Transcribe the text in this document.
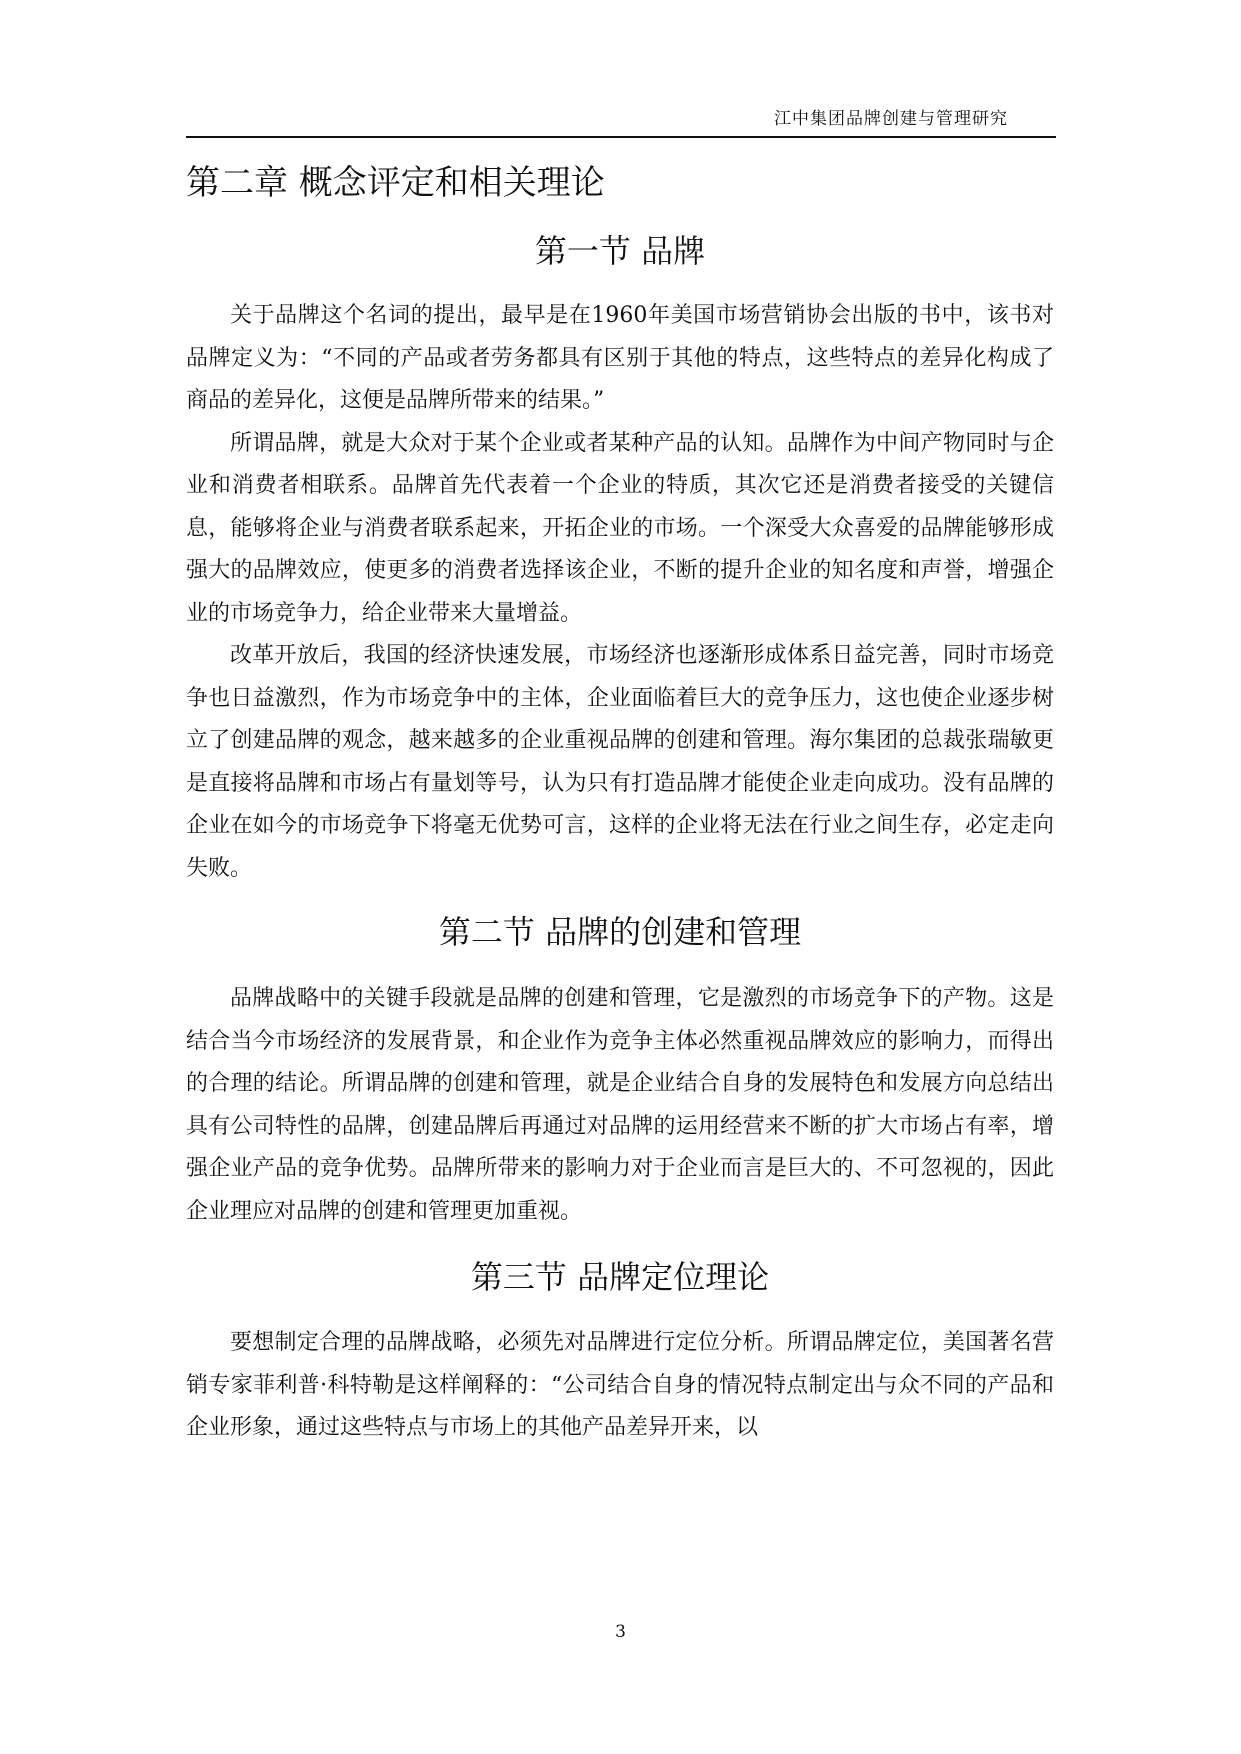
江中集团品牌创建与管理研究
第二章 概念评定和相关理论
第一节 品牌

关于品牌这个名词的提出，最早是在1960年美国市场营销协会出版的书中，该书对品牌定义为：“不同的产品或者劳务都具有区别于其他的特点，这些特点的差异化构成了商品的差异化，这便是品牌所带来的结果。”

所谓品牌，就是大众对于某个企业或者某种产品的认知。品牌作为中间产物同时与企业和消费者相联系。品牌首先代表着一个企业的特质，其次它还是消费者接受的关键信息，能够将企业与消费者联系起来，开拓企业的市场。一个深受大众喜爱的品牌能够形成强大的品牌效应，使更多的消费者选择该企业，不断的提升企业的知名度和声誉，增强企业的市场竞争力，给企业带来大量增益。

改革开放后，我国的经济快速发展，市场经济也逐渐形成体系日益完善，同时市场竞争也日益激烈，作为市场竞争中的主体，企业面临着巨大的竞争压力，这也使企业逐步树立了创建品牌的观念，越来越多的企业重视品牌的创建和管理。海尔集团的总裁张瑞敏更是直接将品牌和市场占有量划等号，认为只有打造品牌才能使企业走向成功。没有品牌的企业在如今的市场竞争下将毫无优势可言，这样的企业将无法在行业之间生存，必定走向失败。

第二节 品牌的创建和管理

品牌战略中的关键手段就是品牌的创建和管理，它是激烈的市场竞争下的产物。这是结合当今市场经济的发展背景，和企业作为竞争主体必然重视品牌效应的影响力，而得出的合理的结论。所谓品牌的创建和管理，就是企业结合自身的发展特色和发展方向总结出具有公司特性的品牌，创建品牌后再通过对品牌的运用经营来不断的扩大市场占有率，增强企业产品的竞争优势。品牌所带来的影响力对于企业而言是巨大的、不可忽视的，因此企业理应对品牌的创建和管理更加重视。

第三节 品牌定位理论

要想制定合理的品牌战略，必须先对品牌进行定位分析。所谓品牌定位，美国著名营销专家菲利普·科特勒是这样阐释的：“公司结合自身的情况特点制定出与众不同的产品和企业形象，通过这些特点与市场上的其他产品差异开来，以

3
